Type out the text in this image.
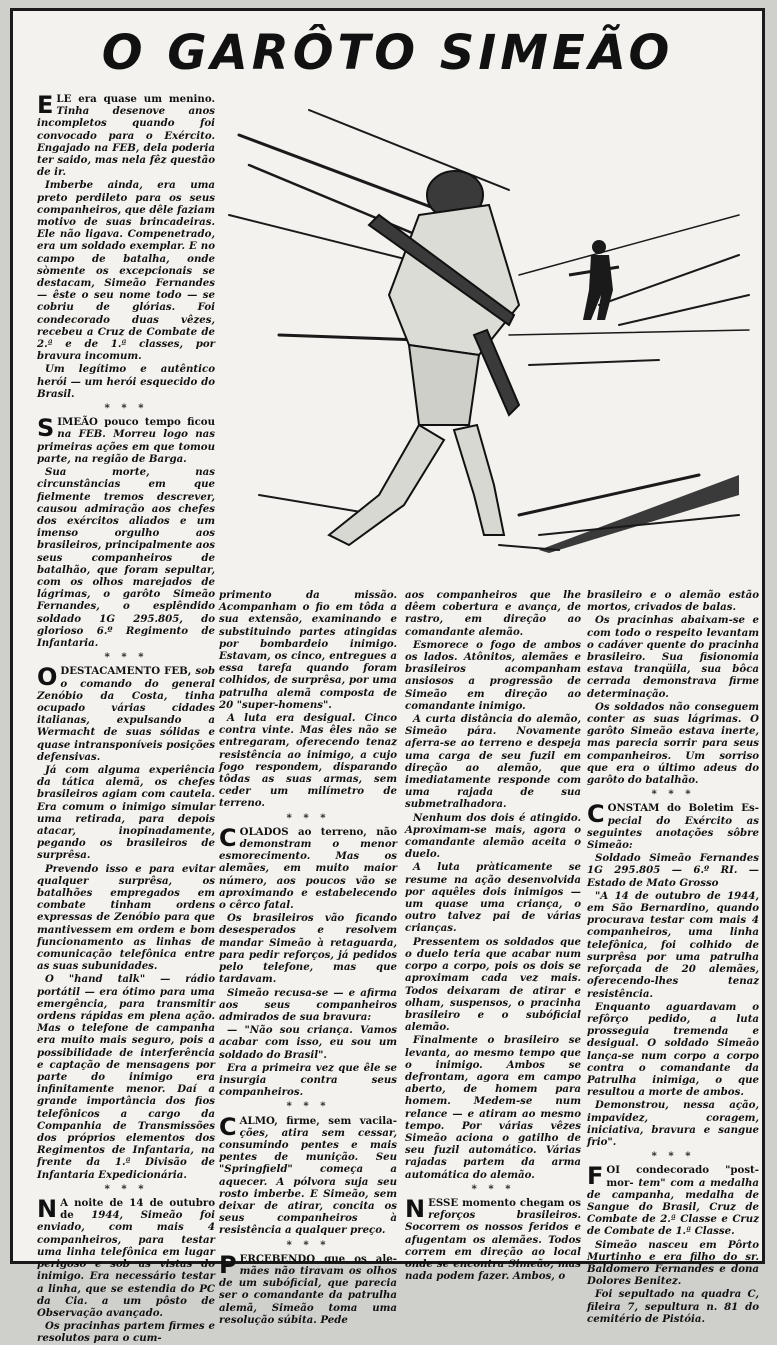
O GARÔTO SIMEÃO

ELE era quase um menino. Tinha desenove anos incompletos quando foi convocado para o Exército. Engajado na FEB, dela poderia ter saido, mas nela fêz questão de ir.

Imberbe ainda, era uma preto perdileto para os seus companheiros, que dêle faziam motivo de suas brincadeiras. Ele não ligava. Compenetrado, era um soldado exemplar. E no campo de batalha, onde sòmente os excepcionais se destacam, Simeão Fernandes — êste o seu nome todo — se cobriu de glórias. Foi condecorado duas vêzes, recebeu a Cruz de Combate de 2.ª e de 1.ª classes, por bravura incomum.

Um legítimo e autêntico herói — um herói esquecido do Brasil.

* * *

SIMEÃO pouco tempo ficou na FEB. Morreu logo nas primeiras ações em que tomou parte, na região de Barga.

Sua morte, nas circunstâncias em que fielmente tremos descrever, causou admiração aos chefes dos exércitos aliados e um imenso orgulho aos brasileiros, principalmente aos seus companheiros de batalhão, que foram sepultar, com os olhos marejados de lágrimas, o garôto Simeão Fernandes, o esplêndido soldado 1G 295.805, do glorioso 6.º Regimento de Infantaria.

* * *

O DESTACAMENTO FEB, sob o comando do general Zenóbio da Costa, tinha ocupado várias cidades italianas, expulsando a Wermacht de suas sólidas e quase intransponíveis posições defensivas.

Já com alguma experiência da tática alemã, os chefes brasileiros agiam com cautela. Era comum o inimigo simular uma retirada, para depois atacar, inopinadamente, pegando os brasileiros de surprêsa.

Prevendo isso e para evitar qualquer surprêsa, os batalhões empregados em combate tinham ordens expressas de Zenóbio para que mantivessem em ordem e bom funcionamento as linhas de comunicação telefônica entre as suas subunidades.

O "hand talk" — rádio portátil — era ótimo para uma emergência, para transmitir ordens rápidas em plena ação. Mas o telefone de campanha era muito mais seguro, pois a possibilidade de interferência e captação de mensagens por parte do inimigo era infinitamente menor. Daí a grande importância dos fios telefônicos a cargo da Companhia de Transmissões dos próprios elementos dos Regimentos de Infantaria, na frente da 1.ª Divisão de Infantaria Expedicionária.

* * *

N A noite de 14 de outubro de 1944, Simeão foi enviado, com mais 4 companheiros, para testar uma linha telefônica em lugar perigoso e sob as vistas do inimigo. Era necessário testar a linha, que se estendia do PC da Cia. a um pôsto de Observação avançado.

Os pracinhas partem firmes e resolutos para o cum-

primento da missão. Acompanham o fio em tôda a sua extensão, examinando e substituindo partes atingidas por bombardeio inimigo. Estavam, os cinco, entregues a essa tarefa quando foram colhidos, de surprêsa, por uma patrulha alemã composta de 20 "super-homens".

A luta era desigual. Cinco contra vinte. Mas êles não se entregaram, oferecendo tenaz resistência ao inimigo, a cujo fogo respondem, disparando tôdas as suas armas, sem ceder um milímetro de terreno.

* * *

COLADOS ao terreno, não demonstram o menor esmorecimento. Mas os alemães, em muito maior número, aos poucos vão se aproximando e estabelecendo o cêrco fatal.

Os brasileiros vão ficando desesperados e resolvem mandar Simeão à retaguarda, para pedir reforços, já pedidos pelo telefone, mas que tardavam.

Simeão recusa-se — e afirma aos seus companheiros admirados de sua bravura:

— "Não sou criança. Vamos acabar com isso, eu sou um soldado do Brasil".

Era a primeira vez que êle se insurgia contra seus companheiros.

* * *

CALMO, firme, sem vacila- ções, atira sem cessar, consumindo pentes e mais pentes de munição. Seu "Springfield" começa a aquecer. A pólvora suja seu rosto imberbe. E Simeão, sem deixar de atirar, concita os seus companheiros à resistência a qualquer preço.

* * *

PERCEBENDO que os ale- mães não tiravam os olhos de um subóficial, que parecia ser o comandante da patrulha alemã, Simeão toma uma resolução súbita. Pede

aos companheiros que lhe dêem cobertura e avança, de rastro, em direção ao comandante alemão.

Esmorece o fogo de ambos os lados. Atônitos, alemães e brasileiros acompanham ansiosos a progressão de Simeão em direção ao comandante inimigo.

A curta distância do alemão, Simeão pára. Novamente aferra-se ao terreno e despeja uma carga de seu fuzil em direção ao alemão, que imediatamente responde com uma rajada de sua submetralhadora.

Nenhum dos dois é atingido. Aproximam-se mais, agora o comandante alemão aceita o duelo.

A luta pràticamente se resume na ação desenvolvida por aquêles dois inimigos — um quase uma criança, o outro talvez pai de várias crianças.

Pressentem os soldados que o duelo teria que acabar num corpo a corpo, pois os dois se aproximam cada vez mais. Todos deixaram de atirar e olham, suspensos, o pracinha brasileiro e o subóficial alemão.

Finalmente o brasileiro se levanta, ao mesmo tempo que o inimigo. Ambos se defrontam, agora em campo aberto, de homem para homem. Medem-se num relance — e atiram ao mesmo tempo. Por várias vêzes Simeão aciona o gatilho de seu fuzil automático. Várias rajadas partem da arma automática do alemão.

* * *

NESSE momento chegam os reforços brasileiros. Socorrem os nossos feridos e afugentam os alemães. Todos correm em direção ao local onde se encontra Simeão, mas nada podem fazer. Ambos, o

brasileiro e o alemão estão mortos, crivados de balas.

Os pracinhas abaixam-se e com todo o respeito levantam o cadáver quente do pracinha brasileiro. Sua fisionomia estava tranqüila, sua bôca cerrada demonstrava firme determinação.

Os soldados não conseguem conter as suas lágrimas. O garôto Simeão estava inerte, mas parecia sorrir para seus companheiros. Um sorriso que era o último adeus do garôto do batalhão.

* * *

CONSTAM do Boletim Es- pecial do Exército as seguintes anotações sôbre Simeão:

Soldado Simeão Fernandes 1G 295.805 — 6.º RI. — Estado de Mato Grosso

"A 14 de outubro de 1944, em São Bernardino, quando procurava testar com mais 4 companheiros, uma linha telefônica, foi colhido de surprêsa por uma patrulha reforçada de 20 alemães, oferecendo-lhes tenaz resistência.

Enquanto aguardavam o refôrço pedido, a luta prosseguia tremenda e desigual. O soldado Simeão lança-se num corpo a corpo contra o comandante da Patrulha inimiga, o que resultou a morte de ambos.

Demonstrou, nessa ação, impavidez, coragem, iniciativa, bravura e sangue frio".

* * *

FOI condecorado "post-mor- tem" com a medalha de campanha, medalha de Sangue do Brasil, Cruz de Combate de 2.ª Classe e Cruz de Combate de 1.ª Classe.

Simeão nasceu em Pôrto Murtinho e era filho do sr. Baldomero Fernandes e dona Dolores Benitez.

Foi sepultado na quadra C, fileira 7, sepultura n. 81 do cemitério de Pistóia.
